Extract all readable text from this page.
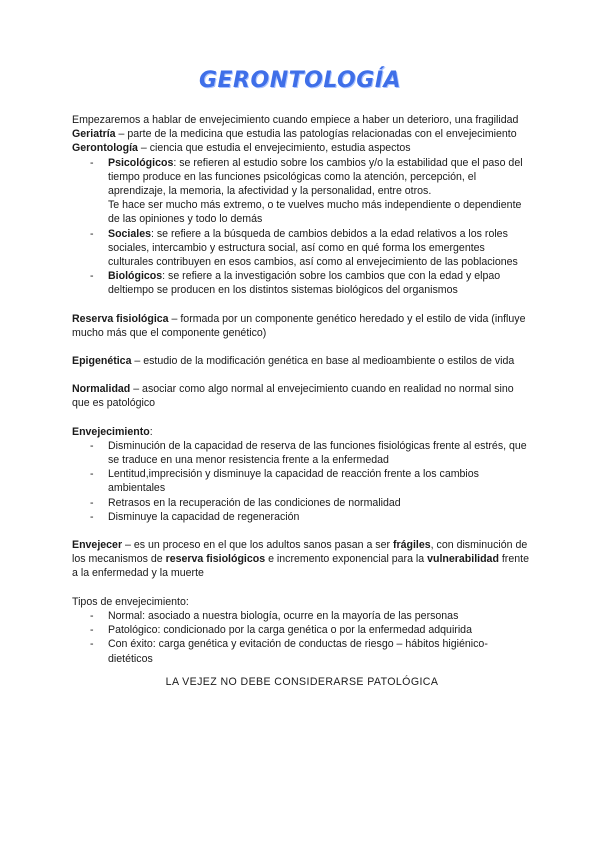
GERONTOLOGÍA

Empezaremos a hablar de envejecimiento cuando empiece a haber un deterioro, una fragilidad

Geriatría – parte de la medicina que estudia las patologías relacionadas con el envejecimiento

Gerontología – ciencia que estudia el envejecimiento, estudia aspectos

- Psicológicos: se refieren al estudio sobre los cambios y/o la estabilidad que el paso del tiempo produce en las funciones psicológicas como la atención, percepción, el aprendizaje, la memoria, la afectividad y la personalidad, entre otros.
Te hace ser mucho más extremo, o te vuelves mucho más independiente o dependiente de las opiniones y todo lo demás
- Sociales: se refiere a la búsqueda de cambios debidos a la edad relativos a los roles sociales, intercambio y estructura social, así como en qué forma los emergentes culturales contribuyen en esos cambios, así como al envejecimiento de las poblaciones
- Biológicos: se refiere a la investigación sobre los cambios que con la edad y elpao deltiempo se producen en los distintos sistemas biológicos del organismos

Reserva fisiológica – formada por un componente genético heredado y el estilo de vida (influye mucho más que el componente genético)

Epigenética – estudio de la modificación genética en base al medioambiente o estilos de vida

Normalidad – asociar como algo normal al envejecimiento cuando en realidad no normal sino que es patológico

Envejecimiento:

- Disminución de la capacidad de reserva de las funciones fisiológicas frente al estrés, que se traduce en una menor resistencia frente a la enfermedad
- Lentitud,imprecisión y disminuye la capacidad de reacción frente a los cambios ambientales
- Retrasos en la recuperación de las condiciones de normalidad
- Disminuye la capacidad de regeneración

Envejecer – es un proceso en el que los adultos sanos pasan a ser frágiles, con disminución de los mecanismos de reserva fisiológicos e incremento exponencial para la vulnerabilidad frente a la enfermedad y la muerte

Tipos de envejecimiento:

- Normal: asociado a nuestra biología, ocurre en la mayoría de las personas
- Patológico: condicionado por la carga genética o por la enfermedad adquirida
- Con éxito: carga genética y evitación de conductas de riesgo – hábitos higiénico-dietéticos

LA VEJEZ NO DEBE CONSIDERARSE PATOLÓGICA
